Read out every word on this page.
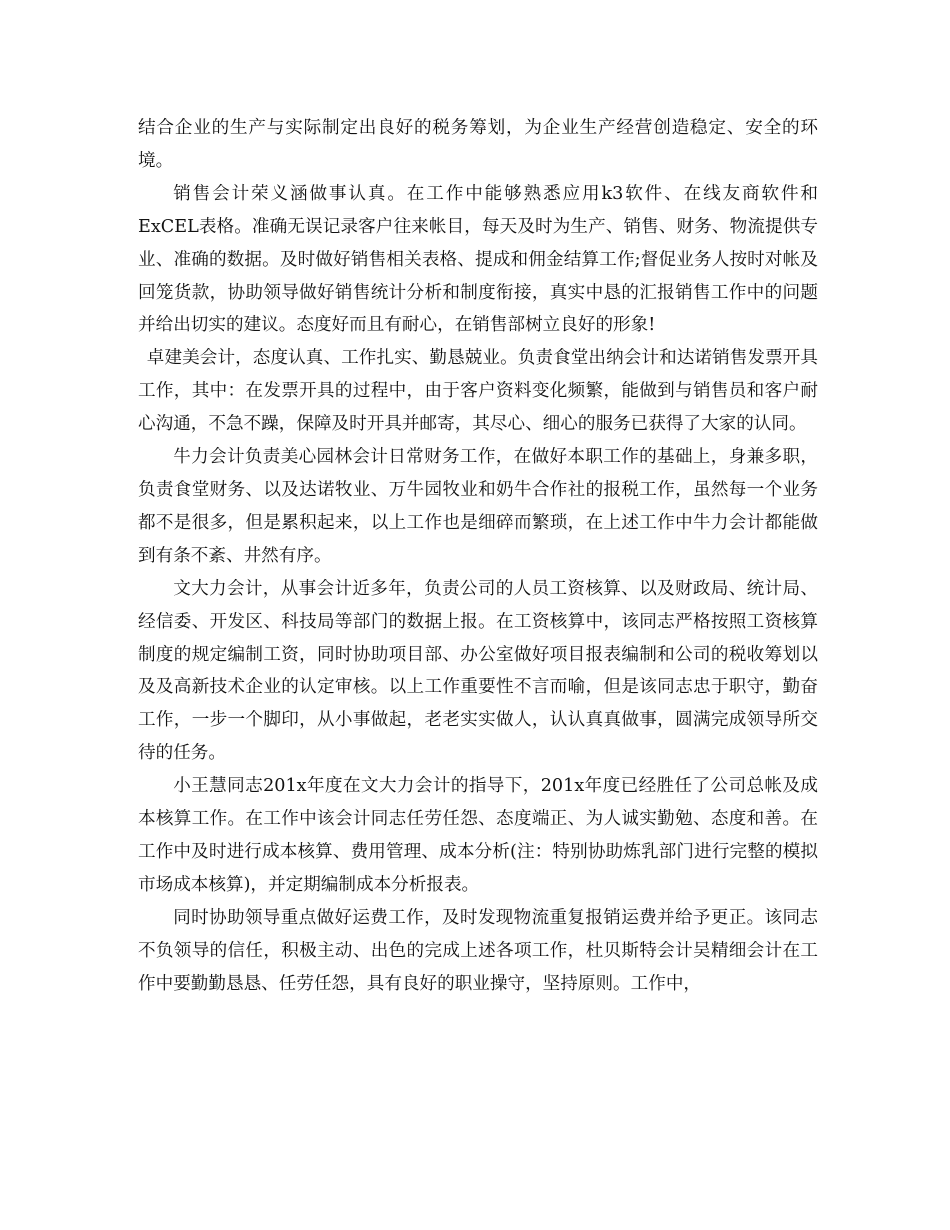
结合企业的生产与实际制定出良好的税务筹划，为企业生产经营创造稳定、安全的环境。

销售会计荣义涵做事认真。在工作中能够熟悉应用k3软件、在线友商软件和ExCEL表格。准确无误记录客户往来帐目，每天及时为生产、销售、财务、物流提供专业、准确的数据。及时做好销售相关表格、提成和佣金结算工作;督促业务人按时对帐及回笼货款，协助领导做好销售统计分析和制度衔接，真实中恳的汇报销售工作中的问题并给出切实的建议。态度好而且有耐心，在销售部树立良好的形象!

卓建美会计，态度认真、工作扎实、勤恳兢业。负责食堂出纳会计和达诺销售发票开具工作，其中：在发票开具的过程中，由于客户资料变化频繁，能做到与销售员和客户耐心沟通，不急不躁，保障及时开具并邮寄，其尽心、细心的服务已获得了大家的认同。

牛力会计负责美心园林会计日常财务工作，在做好本职工作的基础上，身兼多职，负责食堂财务、以及达诺牧业、万牛园牧业和奶牛合作社的报税工作，虽然每一个业务都不是很多，但是累积起来，以上工作也是细碎而繁琐，在上述工作中牛力会计都能做到有条不紊、井然有序。

文大力会计，从事会计近多年，负责公司的人员工资核算、以及财政局、统计局、经信委、开发区、科技局等部门的数据上报。在工资核算中，该同志严格按照工资核算制度的规定编制工资，同时协助项目部、办公室做好项目报表编制和公司的税收筹划以及及高新技术企业的认定审核。以上工作重要性不言而喻，但是该同志忠于职守，勤奋工作，一步一个脚印，从小事做起，老老实实做人，认认真真做事，圆满完成领导所交待的任务。

小王慧同志201x年度在文大力会计的指导下，201x年度已经胜任了公司总帐及成本核算工作。在工作中该会计同志任劳任怨、态度端正、为人诚实勤勉、态度和善。在工作中及时进行成本核算、费用管理、成本分析(注：特别协助炼乳部门进行完整的模拟市场成本核算)，并定期编制成本分析报表。

同时协助领导重点做好运费工作，及时发现物流重复报销运费并给予更正。该同志不负领导的信任，积极主动、出色的完成上述各项工作，杜贝斯特会计吴精细会计在工作中要勤勤恳恳、任劳任怨，具有良好的职业操守，坚持原则。工作中，
